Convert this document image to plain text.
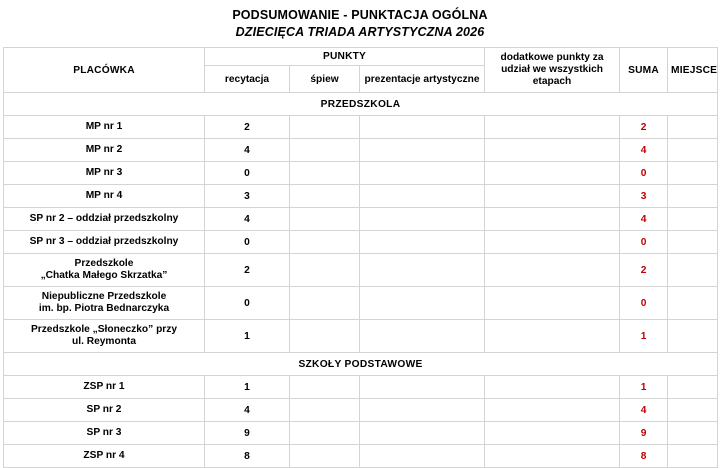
PODSUMOWANIE - PUNKTACJA OGÓLNA
DZIECIĘCA TRIADA ARTYSTYCZNA 2026
PLACÓWKA	PUNKTY			dodatkowe punkty za udział we wszystkich etapach	SUMA	MIEJSCE
	recytacja	śpiew	prezentacje artystyczne			
PRZEDSZKOLA						
MP nr 1	2				2	
MP nr 2	4				4	
MP nr 3	0				0	
MP nr 4	3				3	
SP nr 2 – oddział przedszkolny	4				4	
SP nr 3 – oddział przedszkolny	0				0	
Przedszkole
„Chatka Małego Skrzatka”	2				2	
Niepubliczne Przedszkole
im. bp. Piotra Bednarczyka	0				0	
Przedszkole „Słoneczko” przy
ul. Reymonta	1				1	
SZKOŁY PODSTAWOWE						
ZSP nr 1	1				1	
SP nr 2	4				4	
SP nr 3	9				9	
ZSP nr 4	8				8	
